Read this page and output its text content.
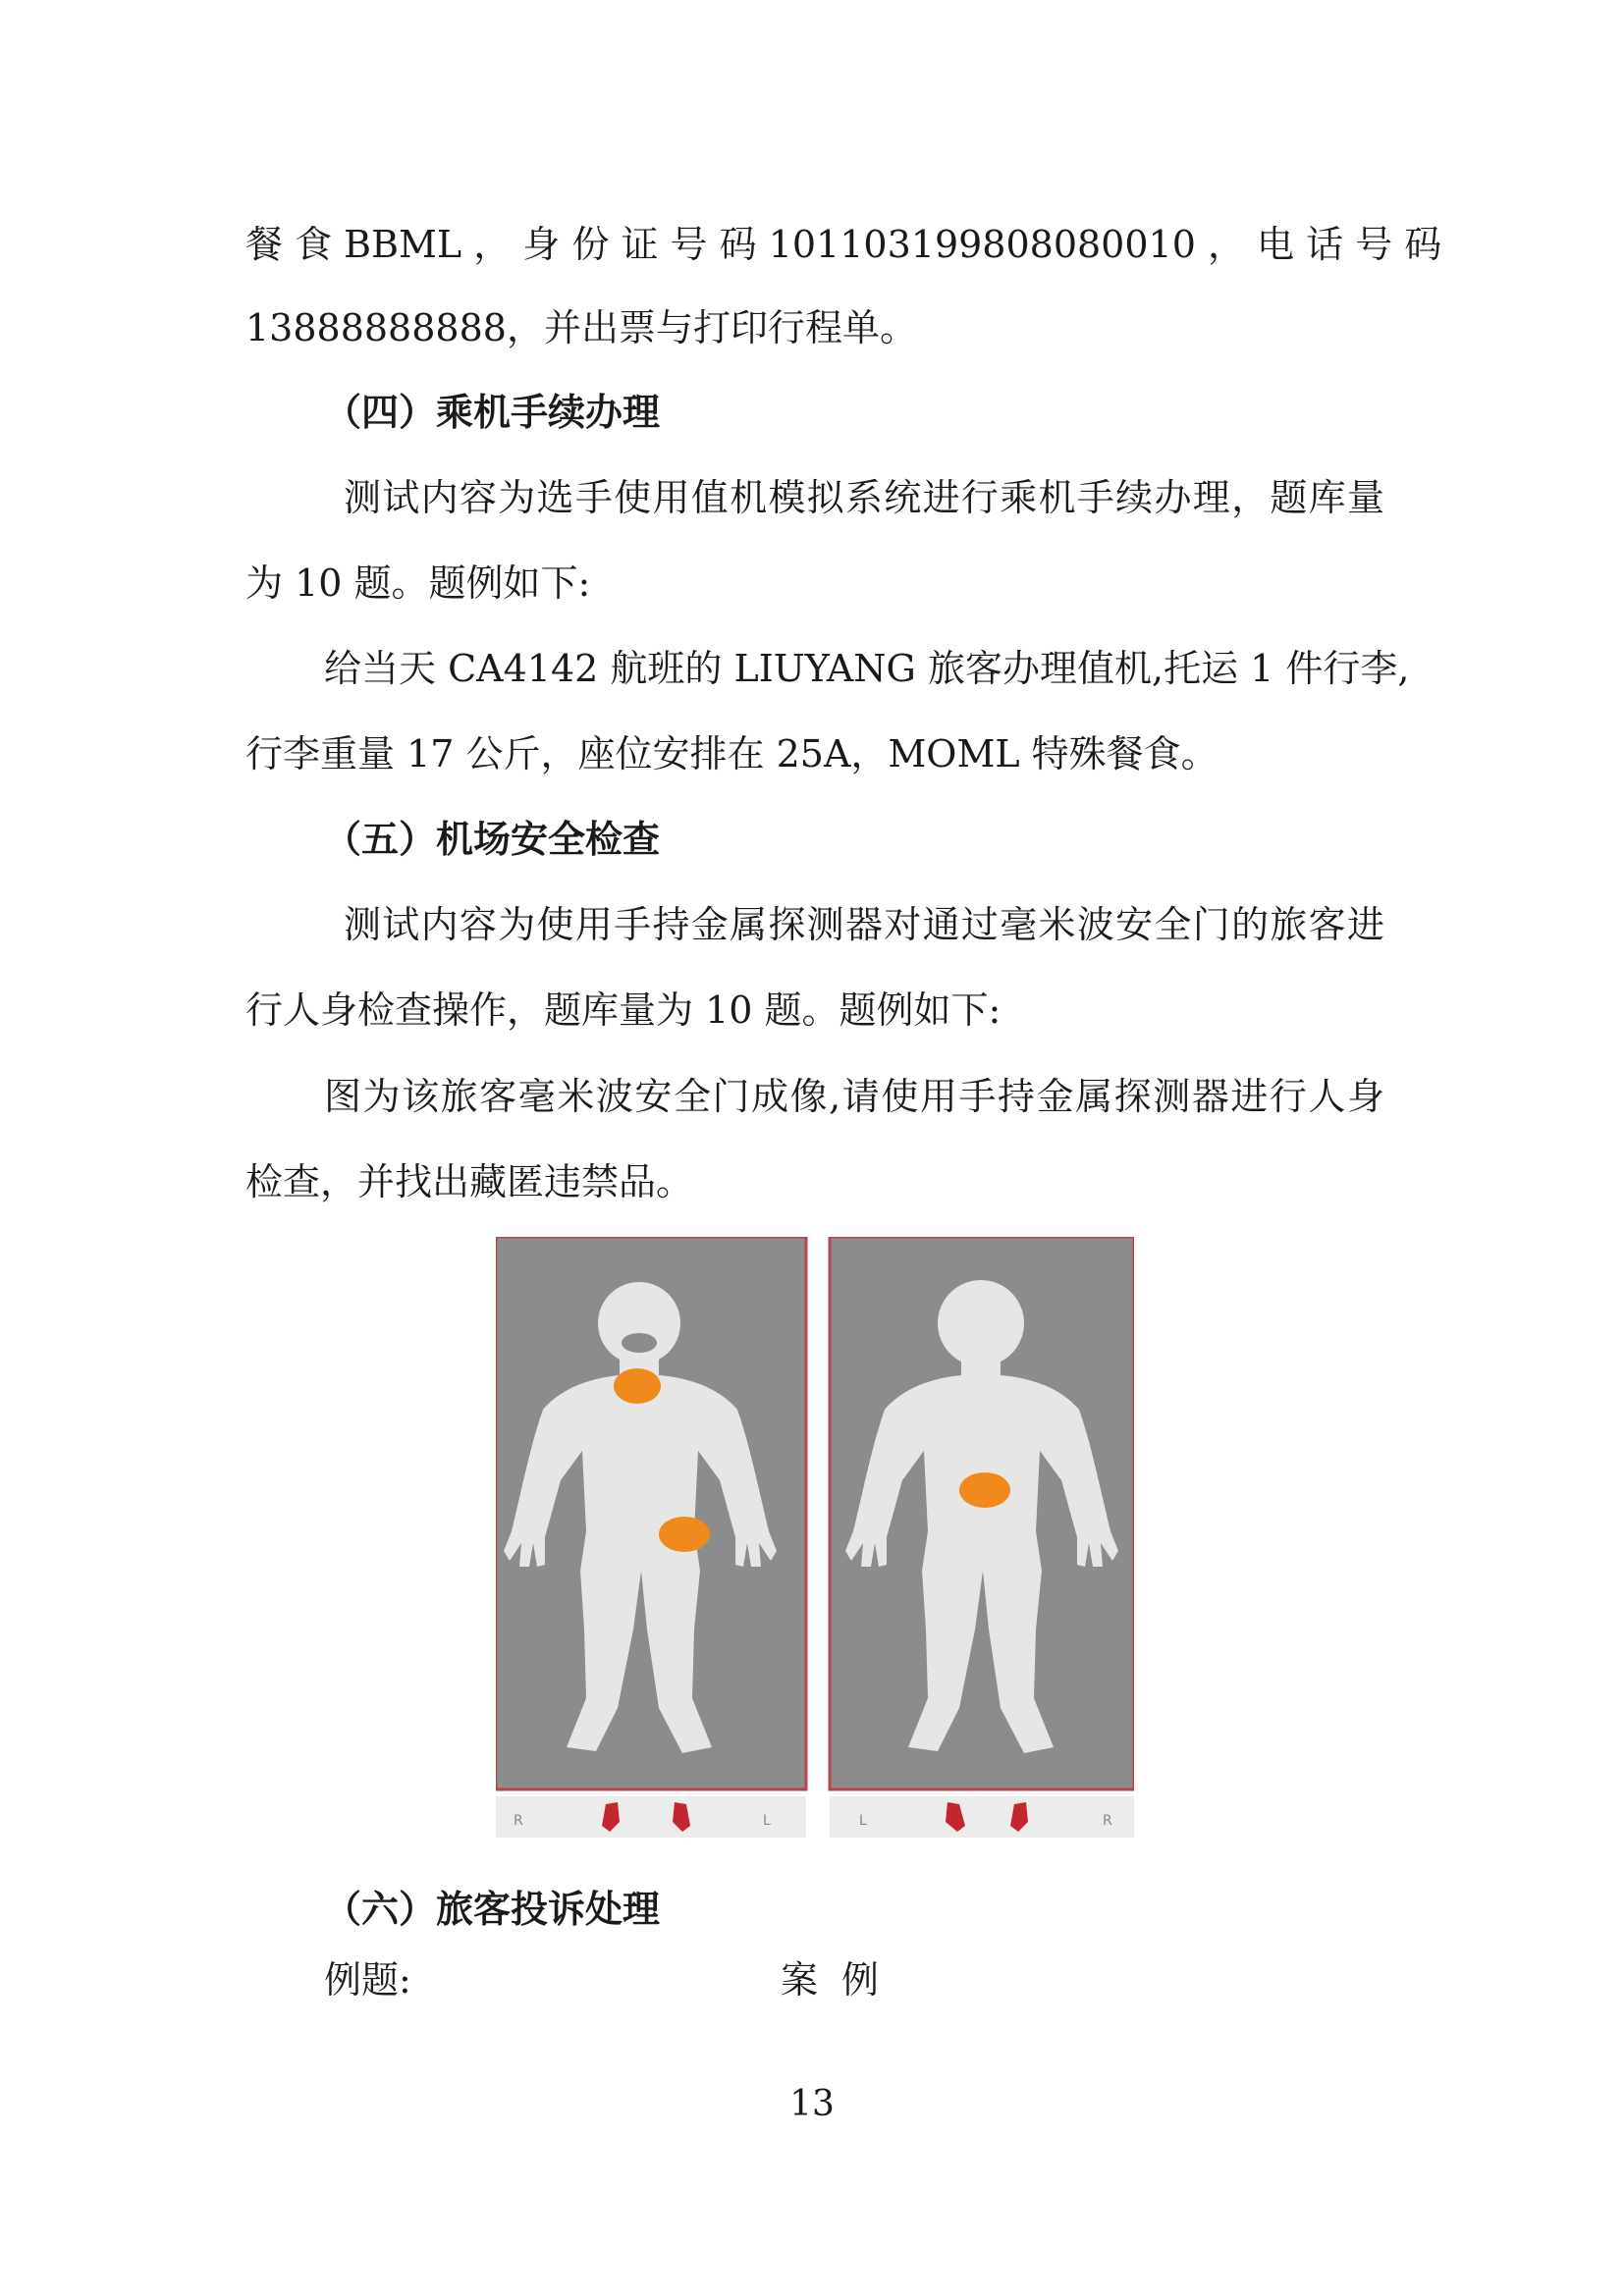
餐 食 BBML ， 身 份 证 号 码 101103199808080010 ， 电 话 号 码
13888888888，并出票与打印行程单。
（四）乘机手续办理
测试内容为选手使用值机模拟系统进行乘机手续办理，题库量
为 10 题。题例如下:
给当天 CA4142 航班的 LIUYANG 旅客办理值机,托运 1 件行李,
行李重量 17 公斤，座位安排在 25A，MOML 特殊餐食。
（五）机场安全检查
测试内容为使用手持金属探测器对通过毫米波安全门的旅客进
行人身检查操作，题库量为 10 题。题例如下:
图为该旅客毫米波安全门成像,请使用手持金属探测器进行人身
检查，并找出藏匿违禁品。
R	L	L	R
（六）旅客投诉处理
例题:	案例
13
